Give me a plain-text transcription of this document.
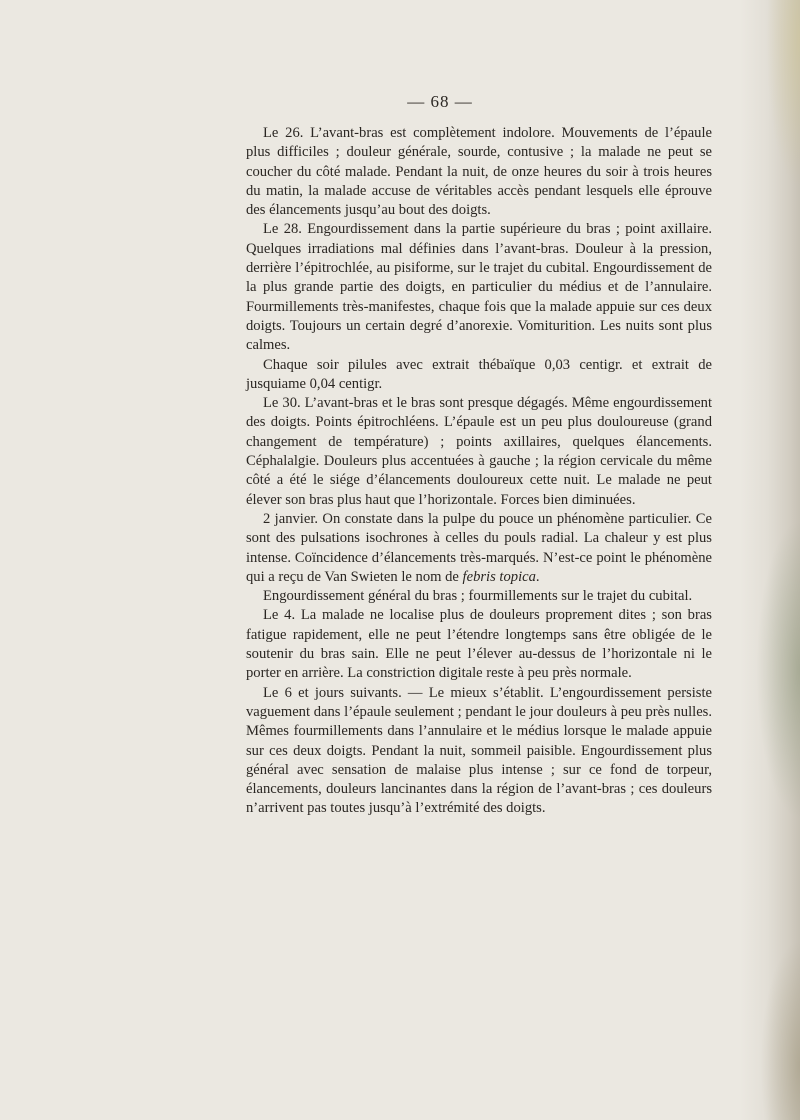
— 68 —

Le 26. L’avant-bras est complètement indolore. Mouvements de l’épaule plus difficiles ; douleur générale, sourde, contusive ; la malade ne peut se coucher du côté malade. Pendant la nuit, de onze heures du soir à trois heures du matin, la malade accuse de véritables accès pendant lesquels elle éprouve des élancements jusqu’au bout des doigts.

Le 28. Engourdissement dans la partie supérieure du bras ; point axillaire. Quelques irradiations mal définies dans l’avant-bras. Douleur à la pression, derrière l’épitrochlée, au pisiforme, sur le trajet du cubital. Engourdissement de la plus grande partie des doigts, en particulier du médius et de l’annulaire. Fourmillements très-manifestes, chaque fois que la malade appuie sur ces deux doigts. Toujours un certain degré d’anorexie. Vomiturition. Les nuits sont plus calmes.

Chaque soir pilules avec extrait thébaïque 0,03 centigr. et extrait de jusquiame 0,04 centigr.

Le 30. L’avant-bras et le bras sont presque dégagés. Même engourdissement des doigts. Points épitrochléens. L’épaule est un peu plus douloureuse (grand changement de température) ; points axillaires, quelques élancements. Céphalalgie. Douleurs plus accentuées à gauche ; la région cervicale du même côté a été le siége d’élancements douloureux cette nuit. Le malade ne peut élever son bras plus haut que l’horizontale. Forces bien diminuées.

2 janvier. On constate dans la pulpe du pouce un phénomène particulier. Ce sont des pulsations isochrones à celles du pouls radial. La chaleur y est plus intense. Coïncidence d’élancements très-marqués. N’est-ce point le phénomène qui a reçu de Van Swieten le nom de febris topica.

Engourdissement général du bras ; fourmillements sur le trajet du cubital.

Le 4. La malade ne localise plus de douleurs proprement dites ; son bras fatigue rapidement, elle ne peut l’étendre longtemps sans être obligée de le soutenir du bras sain. Elle ne peut l’élever au-dessus de l’horizontale ni le porter en arrière. La constriction digitale reste à peu près normale.

Le 6 et jours suivants. — Le mieux s’établit. L’engourdissement persiste vaguement dans l’épaule seulement ; pendant le jour douleurs à peu près nulles. Mêmes fourmillements dans l’annulaire et le médius lorsque le malade appuie sur ces deux doigts. Pendant la nuit, sommeil paisible. Engourdissement plus général avec sensation de malaise plus intense ; sur ce fond de torpeur, élancements, douleurs lancinantes dans la région de l’avant-bras ; ces douleurs n’arrivent pas toutes jusqu’à l’extrémité des doigts.
